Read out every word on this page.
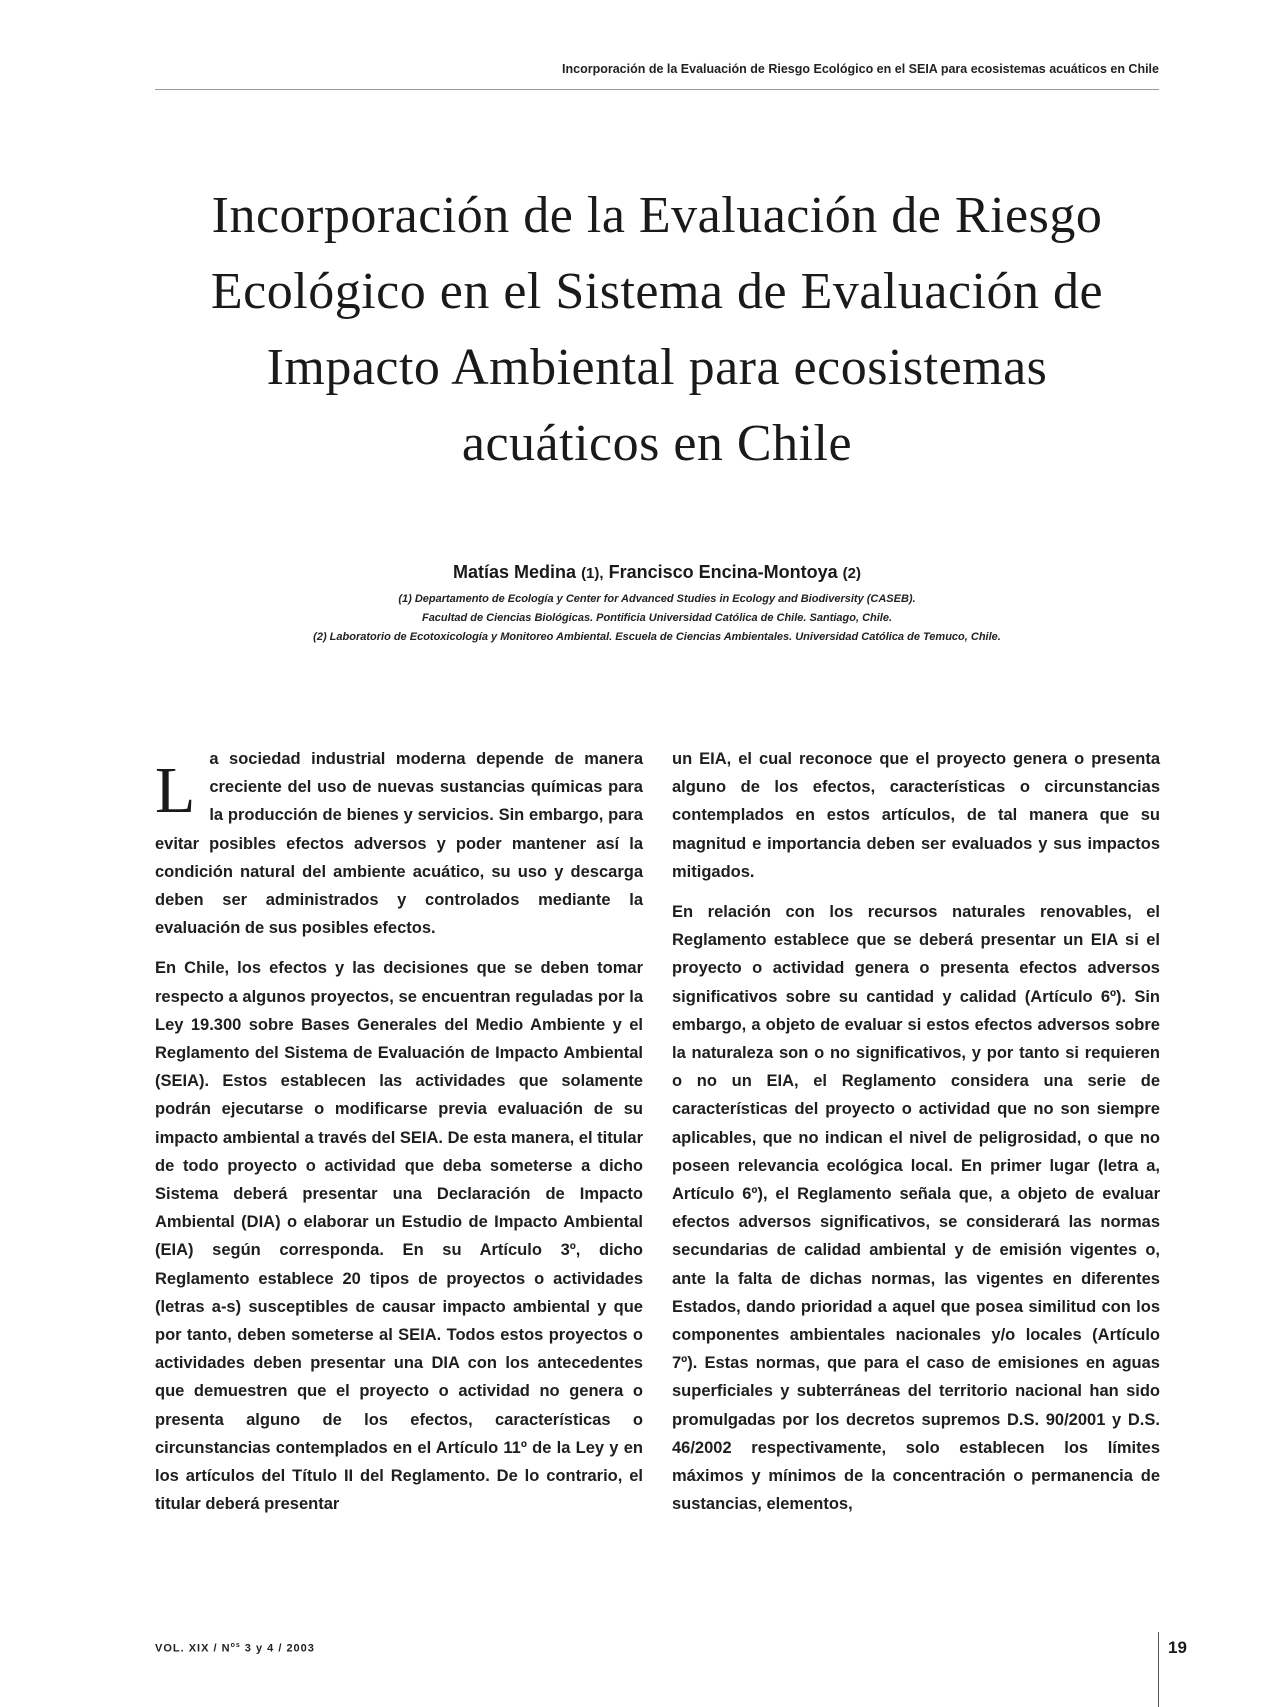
Incorporación de la Evaluación de Riesgo Ecológico en el SEIA para ecosistemas acuáticos en Chile
Incorporación de la Evaluación de Riesgo
Ecológico en el Sistema de Evaluación de
Impacto Ambiental para ecosistemas
acuáticos en Chile
Matías Medina (1), Francisco Encina-Montoya (2)
(1) Departamento de Ecología y Center for Advanced Studies in Ecology and Biodiversity (CASEB).
Facultad de Ciencias Biológicas. Pontificia Universidad Católica de Chile. Santiago, Chile.
(2) Laboratorio de Ecotoxicología y Monitoreo Ambiental. Escuela de Ciencias Ambientales. Universidad Católica de Temuco, Chile.

La sociedad industrial moderna depende de manera creciente del uso de nuevas sustancias químicas para la producción de bienes y servicios. Sin embargo, para evitar posibles efectos adversos y poder mantener así la condición natural del ambiente acuático, su uso y descarga deben ser administrados y controlados mediante la evaluación de sus posibles efectos.

En Chile, los efectos y las decisiones que se deben tomar respecto a algunos proyectos, se encuentran reguladas por la Ley 19.300 sobre Bases Generales del Medio Ambiente y el Reglamento del Sistema de Evaluación de Impacto Ambiental (SEIA). Estos establecen las actividades que solamente podrán ejecutarse o modificarse previa evaluación de su impacto ambiental a través del SEIA. De esta manera, el titular de todo proyecto o actividad que deba someterse a dicho Sistema deberá presentar una Declaración de Impacto Ambiental (DIA) o elaborar un Estudio de Impacto Ambiental (EIA) según corresponda. En su Artículo 3º, dicho Reglamento establece 20 tipos de proyectos o actividades (letras a-s) susceptibles de causar impacto ambiental y que por tanto, deben someterse al SEIA. Todos estos proyectos o actividades deben presentar una DIA con los antecedentes que demuestren que el proyecto o actividad no genera o presenta alguno de los efectos, características o circunstancias contemplados en el Artículo 11º de la Ley y en los artículos del Título II del Reglamento. De lo contrario, el titular deberá presentar

un EIA, el cual reconoce que el proyecto genera o presenta alguno de los efectos, características o circunstancias contemplados en estos artículos, de tal manera que su magnitud e importancia deben ser evaluados y sus impactos mitigados.

En relación con los recursos naturales renovables, el Reglamento establece que se deberá presentar un EIA si el proyecto o actividad genera o presenta efectos adversos significativos sobre su cantidad y calidad (Artículo 6º). Sin embargo, a objeto de evaluar si estos efectos adversos sobre la naturaleza son o no significativos, y por tanto si requieren o no un EIA, el Reglamento considera una serie de características del proyecto o actividad que no son siempre aplicables, que no indican el nivel de peligrosidad, o que no poseen relevancia ecológica local. En primer lugar (letra a, Artículo 6º), el Reglamento señala que, a objeto de evaluar efectos adversos significativos, se considerará las normas secundarias de calidad ambiental y de emisión vigentes o, ante la falta de dichas normas, las vigentes en diferentes Estados, dando prioridad a aquel que posea similitud con los componentes ambientales nacionales y/o locales (Artículo 7º). Estas normas, que para el caso de emisiones en aguas superficiales y subterráneas del territorio nacional han sido promulgadas por los decretos supremos D.S. 90/2001 y D.S. 46/2002 respectivamente, solo establecen los límites máximos y mínimos de la concentración o permanencia de sustancias, elementos,

VOL. XIX / $N^{os}$ 3 y 4 / 2003	19
